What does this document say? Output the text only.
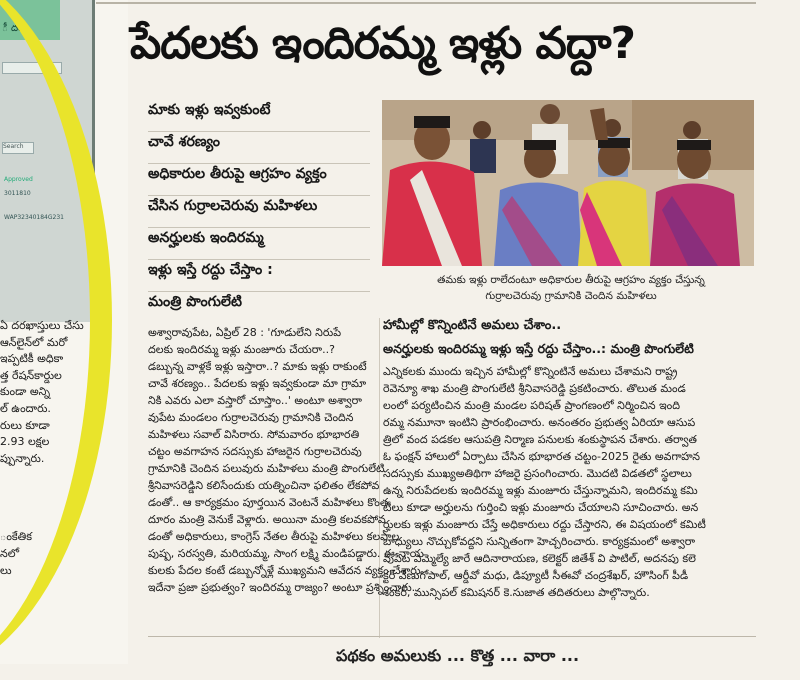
ీ దర
Search
Approved
3011810
WAP32340184G231
ఏ దరఖాస్తులు చేసు
ఆన్‌లైన్‌లో మరో
ఇప్పటికీ అధికా
త్త రేషన్‌కార్డుల
కుండా అన్ని
ల్ ఉందారు.
రులు కూడా
2.93 లక్షల
ప్పున్నారు.
ంకేతిక
నలో
లు
పేదలకు ఇందిరమ్మ ఇళ్లు వద్దా?
మాకు ఇళ్లు ఇవ్వకుంటే
చావే శరణ్యం
అధికారుల తీరుపై ఆగ్రహం వ్యక్తం
చేసిన గుర్రాలచెరువు మహిళలు
అనర్హులకు ఇందిరమ్మ
ఇళ్లు ఇస్తే రద్దు చేస్తాం :
మంత్రి పొంగులేటి
తమకు ఇళ్లు రాలేదంటూ అధికారుల తీరుపై ఆగ్రహం వ్యక్తం చేస్తున్న
గుర్రాలచెరువు గ్రామానికి చెందిన మహిళలు
అశ్వారావుపేట, ఏప్రిల్ 28 : 'గూడులేని నిరుపే
దలకు ఇందిరమ్మ ఇళ్లు మంజూరు చేయరా..?
డబ్బున్న వాళ్లకే ఇళ్లు ఇస్తారా..? మాకు ఇళ్లు రాకుంటే
చావే శరణ్యం.. పేదలకు ఇళ్లు ఇవ్వకుండా మా గ్రామా
నికి ఎవరు ఎలా వస్తారో చూస్తాం..' అంటూ అశ్వారా
వుపేట మండలం గుర్రాలచెరువు గ్రామానికి చెందిన
మహిళలు సవాల్ విసిరారు. సోమవారం భూభారతి
చట్టం అవగాహన సదస్సుకు హాజరైన గుర్రాలచెరువు
గ్రామానికి చెందిన పలువురు మహిళలు మంత్రి పొంగులేటి
శ్రీనివాసరెడ్డిని కలిసేందుకు యత్నించినా ఫలితం లేకపోవ
డంతో.. ఆ కార్యక్రమం పూర్తయిన వెంటనే మహిళలు కొంత
దూరం మంత్రి వెనుకే వెళ్లారు. అయినా మంత్రి కలవకపోవ
డంతో అధికారులు, కాంగ్రెస్ నేతల తీరుపై మహిళలు కలపాల
పుష్ప, సరస్వతి, మరియమ్మ, సాంగ లక్ష్మి మండిపడ్డారు. ఈ నాయ
కులకు పేదల కంటే డబ్బున్నోళ్లే ముఖ్యమని ఆవేదన వ్యక్తం చేశారు.
ఇదేనా ప్రజా ప్రభుత్వం? ఇందిరమ్మ రాజ్యం? అంటూ ప్రశ్నించారు.
హామీల్లో కొన్నింటినే అమలు చేశాం..
అనర్హులకు ఇందిరమ్మ ఇళ్లు ఇస్తే రద్దు చేస్తాం..: మంత్రి పొంగులేటి
ఎన్నికలకు ముందు ఇచ్చిన హామీల్లో కొన్నింటినే అమలు చేశామని రాష్ట్ర
రెవెన్యూ శాఖ మంత్రి పొంగులేటి శ్రీనివాసరెడ్డి ప్రకటించారు. తొలుత మండ
లంలో పర్యటించిన మంత్రి మండల పరిషత్ ప్రాంగణంలో నిర్మించిన ఇంది
రమ్మ నమూనా ఇంటిని ప్రారంభించారు. అనంతరం ప్రభుత్వ ఏరియా ఆసుప
త్రిలో వంద పడకల ఆసుపత్రి నిర్మాణ పనులకు శంకుస్థాపన చేశారు. తర్వాత
ఓ ఫంక్షన్ హాలులో ఏర్పాటు చేసిన భూభారత చట్టం-2025 రైతు అవగాహన
సదస్సుకు ముఖ్యఅతిథిగా హాజరై ప్రసంగించారు. మొదటి విడతలో స్థలాలు
ఉన్న నిరుపేదలకు ఇందిరమ్మ ఇళ్లు మంజూరు చేస్తున్నామని, ఇందిరమ్మ కమి
టీలు కూడా అర్హులను గుర్తించి ఇళ్లు మంజూరు చేయాలని సూచించారు. అన
ర్హులకు ఇళ్లు మంజూరు చేస్తే అధికారులు రద్దు చేస్తారని, ఈ విషయంలో కమిటీ
బాధ్యులు నొచ్చుకోవద్దని సున్నితంగా హెచ్చరించారు. కార్యక్రమంలో అశ్వారా
వుపేట ఎమ్మెల్యే జారే ఆదినారాయణ, కలెక్టర్ జితేశ్ వి పాటిల్, అదనపు కలె
క్టర్ వేణుగోపాల్, ఆర్డీవో మధు, డిప్యూటీ సీఈవో చంద్రశేఖర్, హౌసింగ్ పీడీ
శంకర్, మున్సిపల్ కమిషనర్ కె.సుజాత తదితరులు పాల్గొన్నారు.
పథకం అమలుకు ... కొత్త ... వారా ...
